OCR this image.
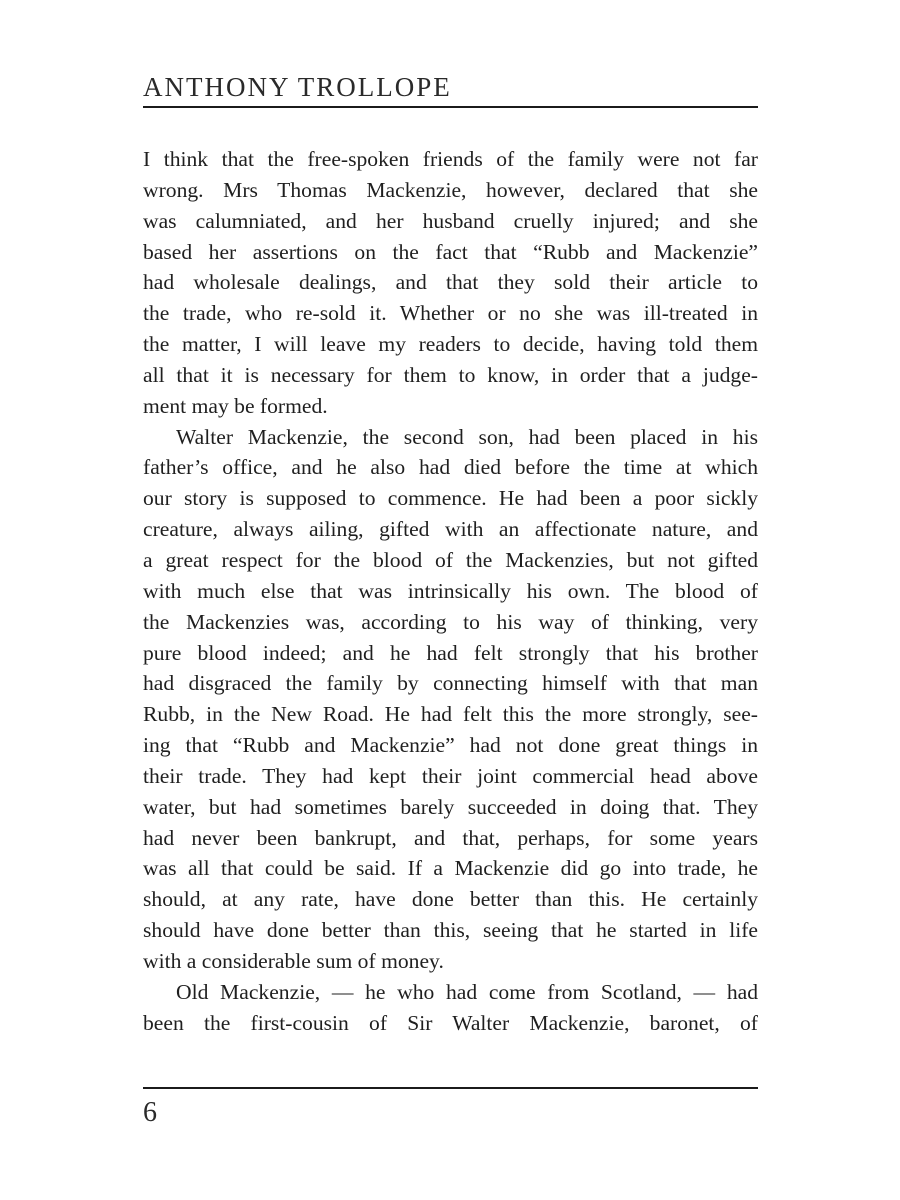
ANTHONY TROLLOPE
I think that the free-spoken friends of the family were not far
wrong. Mrs Thomas Mackenzie, however, declared that she
was calumniated, and her husband cruelly injured; and she
based her assertions on the fact that “Rubb and Mackenzie”
had wholesale dealings, and that they sold their article to
the trade, who re-sold it. Whether or no she was ill-treated in
the matter, I will leave my readers to decide, having told them
all that it is necessary for them to know, in order that a judge-
ment may be formed.
Walter Mackenzie, the second son, had been placed in his
father’s office, and he also had died before the time at which
our story is supposed to commence. He had been a poor sickly
creature, always ailing, gifted with an affectionate nature, and
a great respect for the blood of the Mackenzies, but not gifted
with much else that was intrinsically his own. The blood of
the Mackenzies was, according to his way of thinking, very
pure blood indeed; and he had felt strongly that his brother
had disgraced the family by connecting himself with that man
Rubb, in the New Road. He had felt this the more strongly, see-
ing that “Rubb and Mackenzie” had not done great things in
their trade. They had kept their joint commercial head above
water, but had sometimes barely succeeded in doing that. They
had never been bankrupt, and that, perhaps, for some years
was all that could be said. If a Mackenzie did go into trade, he
should, at any rate, have done better than this. He certainly
should have done better than this, seeing that he started in life
with a considerable sum of money.
Old Mackenzie, — he who had come from Scotland, — had
been the first-cousin of Sir Walter Mackenzie, baronet, of
6
